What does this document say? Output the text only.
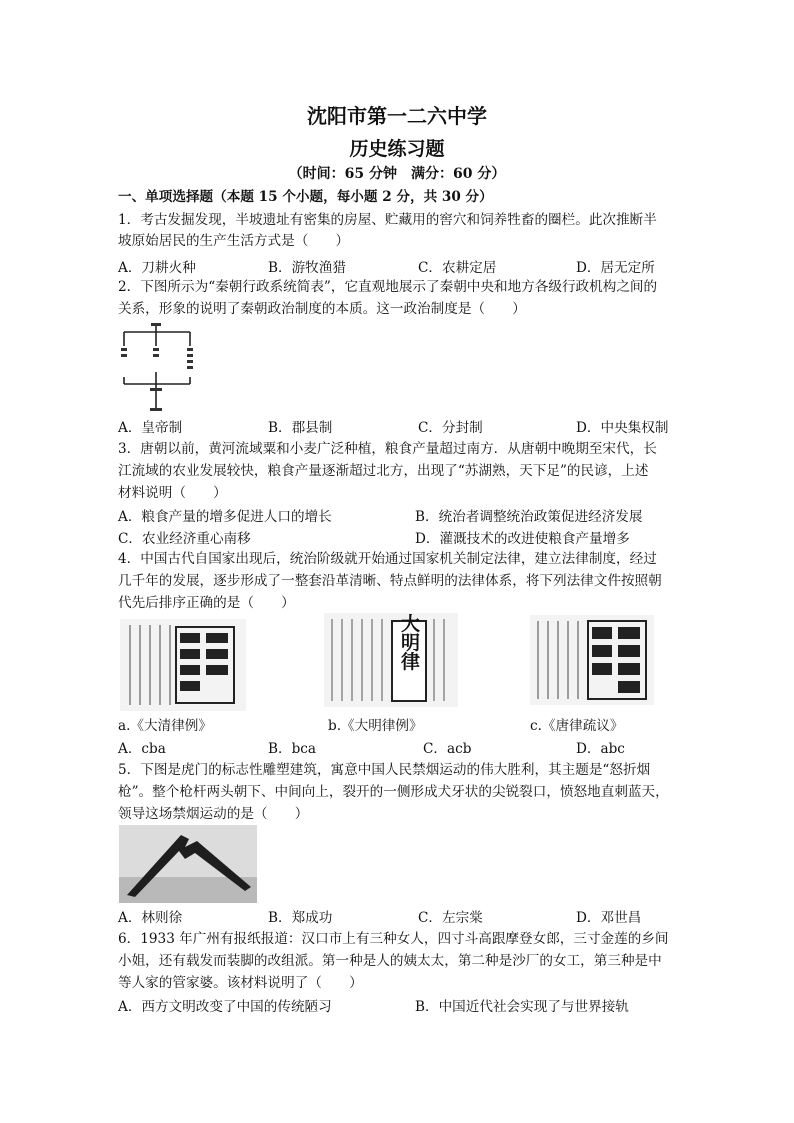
沈阳市第一二六中学
历史练习题
（时间：65 分钟　满分：60 分）
一、单项选择题（本题 15 个小题，每小题 2 分，共 30 分）
1．考古发掘发现，半坡遗址有密集的房屋、贮藏用的窖穴和饲养牲畜的圈栏。此次推断半
坡原始居民的生产生活方式是（　　）
A．刀耕火种	B．游牧渔猎	C．农耕定居	D．居无定所
2．下图所示为“秦朝行政系统简表”，它直观地展示了秦朝中央和地方各级行政机构之间的
关系，形象的说明了秦朝政治制度的本质。这一政治制度是（　　）
A．皇帝制	B．郡县制	C．分封制	D．中央集权制
3．唐朝以前，黄河流域粟和小麦广泛种植，粮食产量超过南方．从唐朝中晚期至宋代，长
江流域的农业发展较快，粮食产量逐渐超过北方，出现了“苏湖熟，天下足”的民谚，上述
材料说明（　　）
A．粮食产量的增多促进人口的增长	B．统治者调整统治政策促进经济发展
C．农业经济重心南移	D．灌溉技术的改进使粮食产量增多
4．中国古代自国家出现后，统治阶级就开始通过国家机关制定法律，建立法律制度，经过
几千年的发展，逐步形成了一整套沿革清晰、特点鲜明的法律体系，将下列法律文件按照朝
代先后排序正确的是（　　）
大明律
a.《大清律例》	b.《大明律例》	c.《唐律疏议》
A．cba	B．bca	C．acb	D．abc
5．下图是虎门的标志性雕塑建筑，寓意中国人民禁烟运动的伟大胜利，其主题是“怒折烟
枪”。整个枪杆两头朝下、中间向上，裂开的一侧形成犬牙状的尖锐裂口，愤怒地直刺蓝天，
领导这场禁烟运动的是（　　）
A．林则徐	B．郑成功	C．左宗棠	D．邓世昌
6．1933 年广州有报纸报道：汉口市上有三种女人，四寸斗高跟摩登女郎，三寸金莲的乡间
小姐，还有载发而装脚的改组派。第一种是人的姨太太，第二种是沙厂的女工，第三种是中
等人家的管家婆。该材料说明了（　　）
A．西方文明改变了中国的传统陋习	B．中国近代社会实现了与世界接轨
